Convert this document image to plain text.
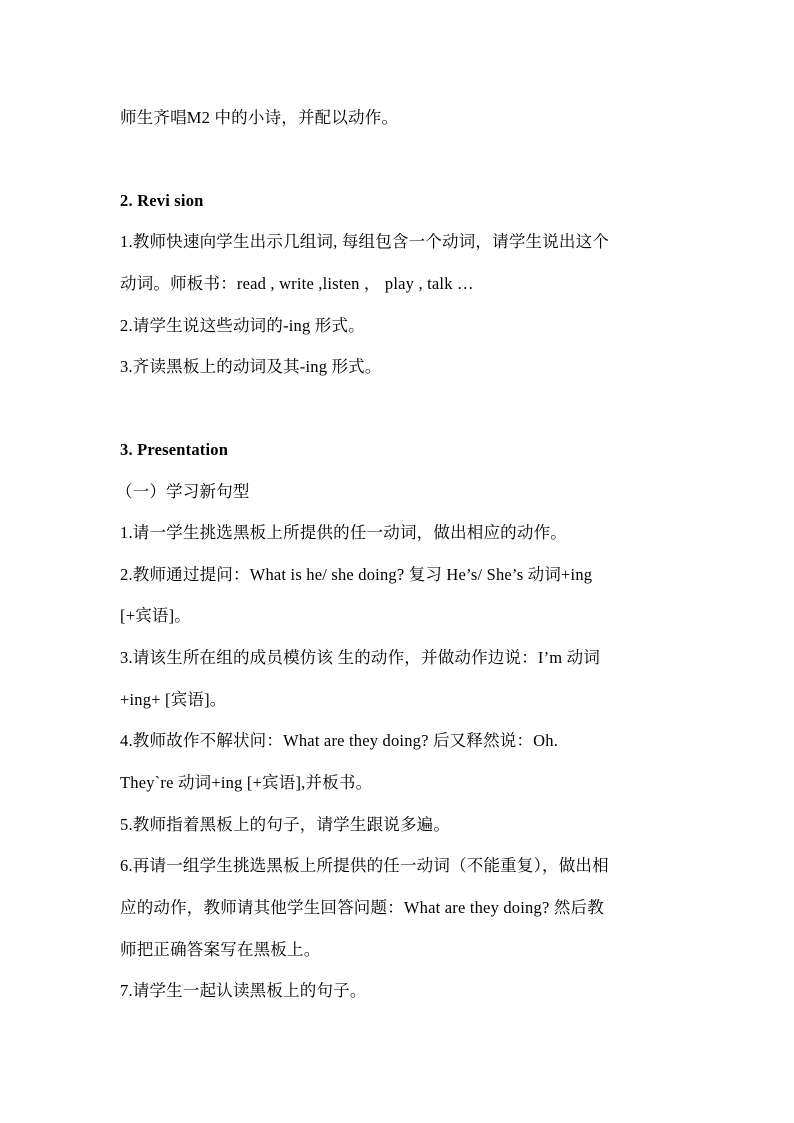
师生齐唱M2 中的小诗，并配以动作。
2. Revi sion
1.教师快速向学生出示几组词, 每组包含一个动词，请学生说出这个
动词。师板书：read , write ,listen ， play , talk …
2.请学生说这些动词的-ing 形式。
3.齐读黑板上的动词及其-ing 形式。
3. Presentation
（一）学习新句型
1.请一学生挑选黑板上所提供的任一动词，做出相应的动作。
2.教师通过提问：What is he/ she doing? 复习 He’s/ She’s 动词+ing
[+宾语]。
3.请该生所在组的成员模仿该 生的动作，并做动作边说：I’m 动词
+ing+ [宾语]。
4.教师故作不解状问：What are they doing? 后又释然说：Oh.
They`re 动词+ing [+宾语],并板书。
5.教师指着黑板上的句子，请学生跟说多遍。
6.再请一组学生挑选黑板上所提供的任一动词（不能重复），做出相
应的动作，教师请其他学生回答问题：What are they doing? 然后教
师把正确答案写在黑板上。
7.请学生一起认读黑板上的句子。
